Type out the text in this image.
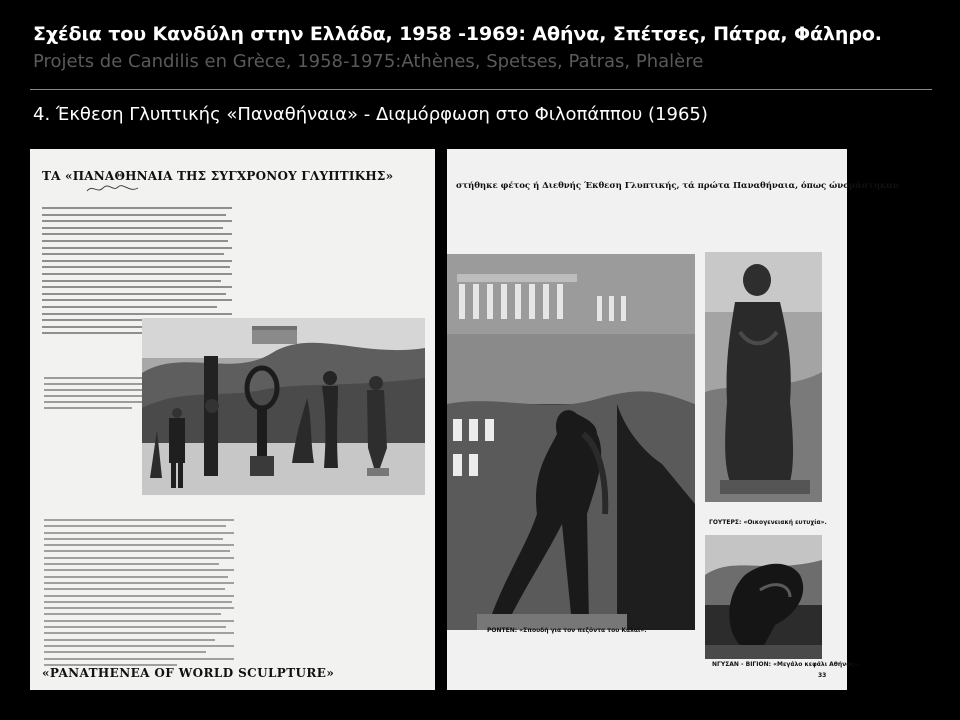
Σχέδια του Κανδύλη στην Ελλάδα, 1958 -1969: Αθήνα, Σπέτσες, Πάτρα, Φάληρο.
Projets de Candilis en Grèce, 1958-1975:Athènes, Spetses, Patras, Phalère
4. Έκθεση Γλυπτικής «Παναθήναια» - Διαμόρφωση στο Φιλοπάππου (1965)
ΤΑ «ΠΑΝΑΘΗΝΑΙΑ ΤΗΣ ΣΥΓΧΡΟΝΟΥ ΓΛΥΠΤΙΚΗΣ»
«PANATHENEA OF WORLD SCULPTURE»
στήθηκε φέτος ή Διεθνής Έκθεση Γλυπτικής, τά πρώτα Παναθήναια, όπως ώνομάστηκαν
ΡΟΝΤΕΝ: «Σπουδή για τον πεζόντα του Καλαί».
ΓΟΥΤΕΡΣ: «Οικογενειακή ευτυχία».
ΝΓΥΣΑΝ - ΒΙΓΙΟΝ: «Μεγάλο κεφάλι Αθήνας».
33
